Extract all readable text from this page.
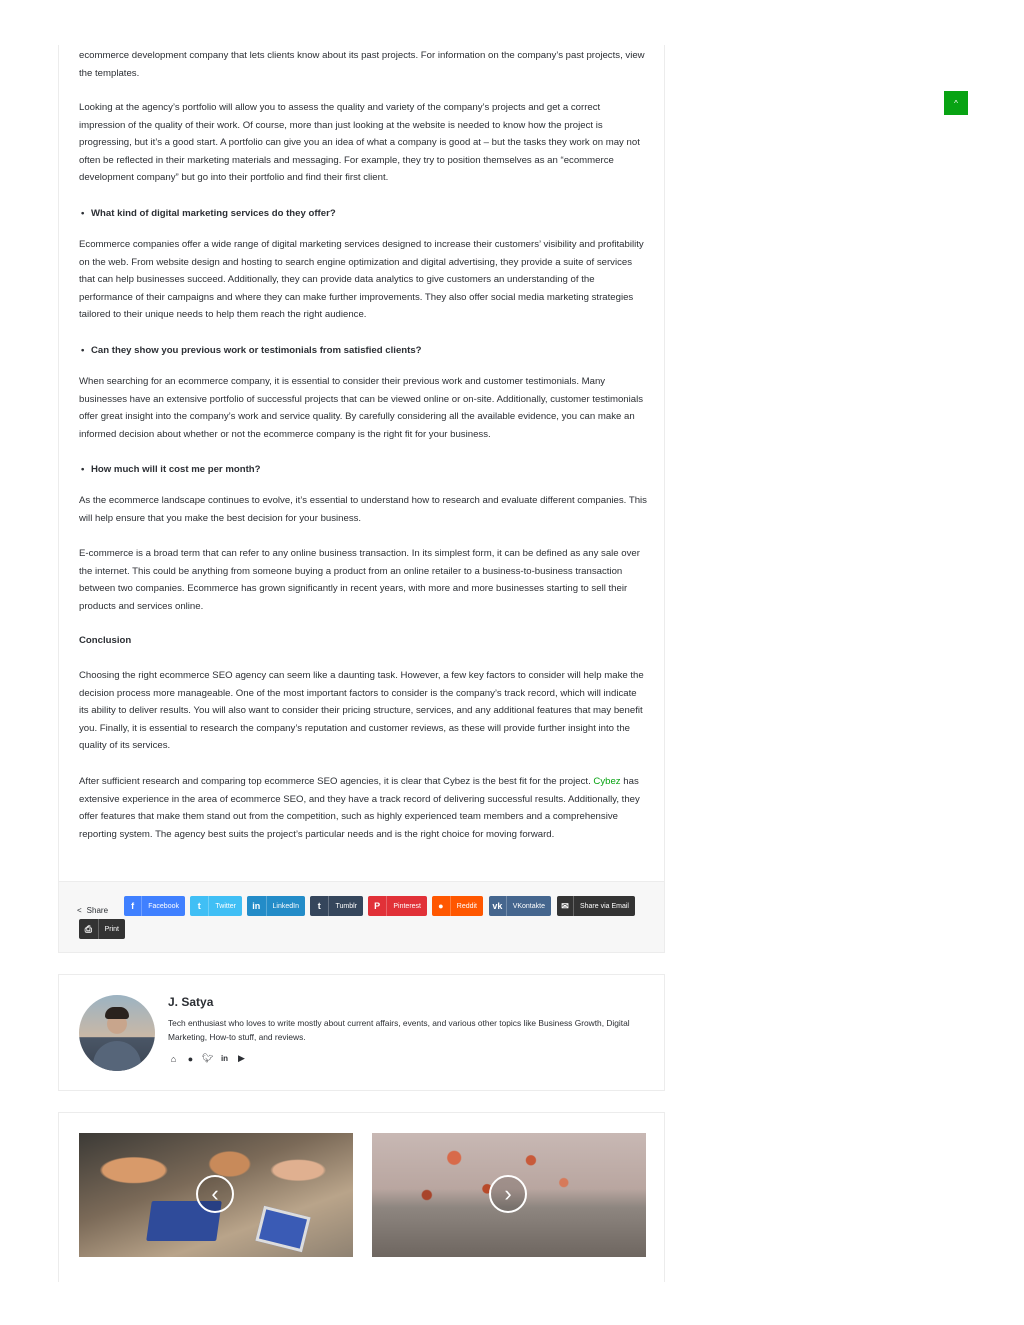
ecommerce development company that lets clients know about its past projects. For information on the company’s past projects, view the templates.

Looking at the agency’s portfolio will allow you to assess the quality and variety of the company’s projects and get a correct impression of the quality of their work. Of course, more than just looking at the website is needed to know how the project is progressing, but it’s a good start. A portfolio can give you an idea of what a company is good at – but the tasks they work on may not often be reflected in their marketing materials and messaging. For example, they try to position themselves as an “ecommerce development company” but go into their portfolio and find their first client.

• What kind of digital marketing services do they offer?

Ecommerce companies offer a wide range of digital marketing services designed to increase their customers’ visibility and profitability on the web. From website design and hosting to search engine optimization and digital advertising, they provide a suite of services that can help businesses succeed. Additionally, they can provide data analytics to give customers an understanding of the performance of their campaigns and where they can make further improvements. They also offer social media marketing strategies tailored to their unique needs to help them reach the right audience.

• Can they show you previous work or testimonials from satisfied clients?

When searching for an ecommerce company, it is essential to consider their previous work and customer testimonials. Many businesses have an extensive portfolio of successful projects that can be viewed online or on-site. Additionally, customer testimonials offer great insight into the company’s work and service quality. By carefully considering all the available evidence, you can make an informed decision about whether or not the ecommerce company is the right fit for your business.

• How much will it cost me per month?

As the ecommerce landscape continues to evolve, it’s essential to understand how to research and evaluate different companies. This will help ensure that you make the best decision for your business.

E-commerce is a broad term that can refer to any online business transaction. In its simplest form, it can be defined as any sale over the internet. This could be anything from someone buying a product from an online retailer to a business-to-business transaction between two companies. Ecommerce has grown significantly in recent years, with more and more businesses starting to sell their products and services online.

Conclusion

Choosing the right ecommerce SEO agency can seem like a daunting task. However, a few key factors to consider will help make the decision process more manageable. One of the most important factors to consider is the company’s track record, which will indicate its ability to deliver results. You will also want to consider their pricing structure, services, and any additional features that may benefit you. Finally, it is essential to research the company’s reputation and customer reviews, as these will provide further insight into the quality of its services.

After sufficient research and comparing top ecommerce SEO agencies, it is clear that Cybez is the best fit for the project. Cybez has extensive experience in the area of ecommerce SEO, and they have a track record of delivering successful results. Additionally, they offer features that make them stand out from the competition, such as highly experienced team members and a comprehensive reporting system. The agency best suits the project’s particular needs and is the right choice for moving forward.

< Share	f	Facebook	t	Twitter	in	LinkedIn	t	Tumblr	P	Pinterest	●	Reddit	vk	VKontakte	✉	Share via Email
⎙	Print
J. Satya
Tech enthusiast who loves to write mostly about current affairs, events, and various other topics like Business Growth, Digital Marketing, How-to stuff, and reviews.
⌂	● 🐦︎ in ▶
‹	›
^
